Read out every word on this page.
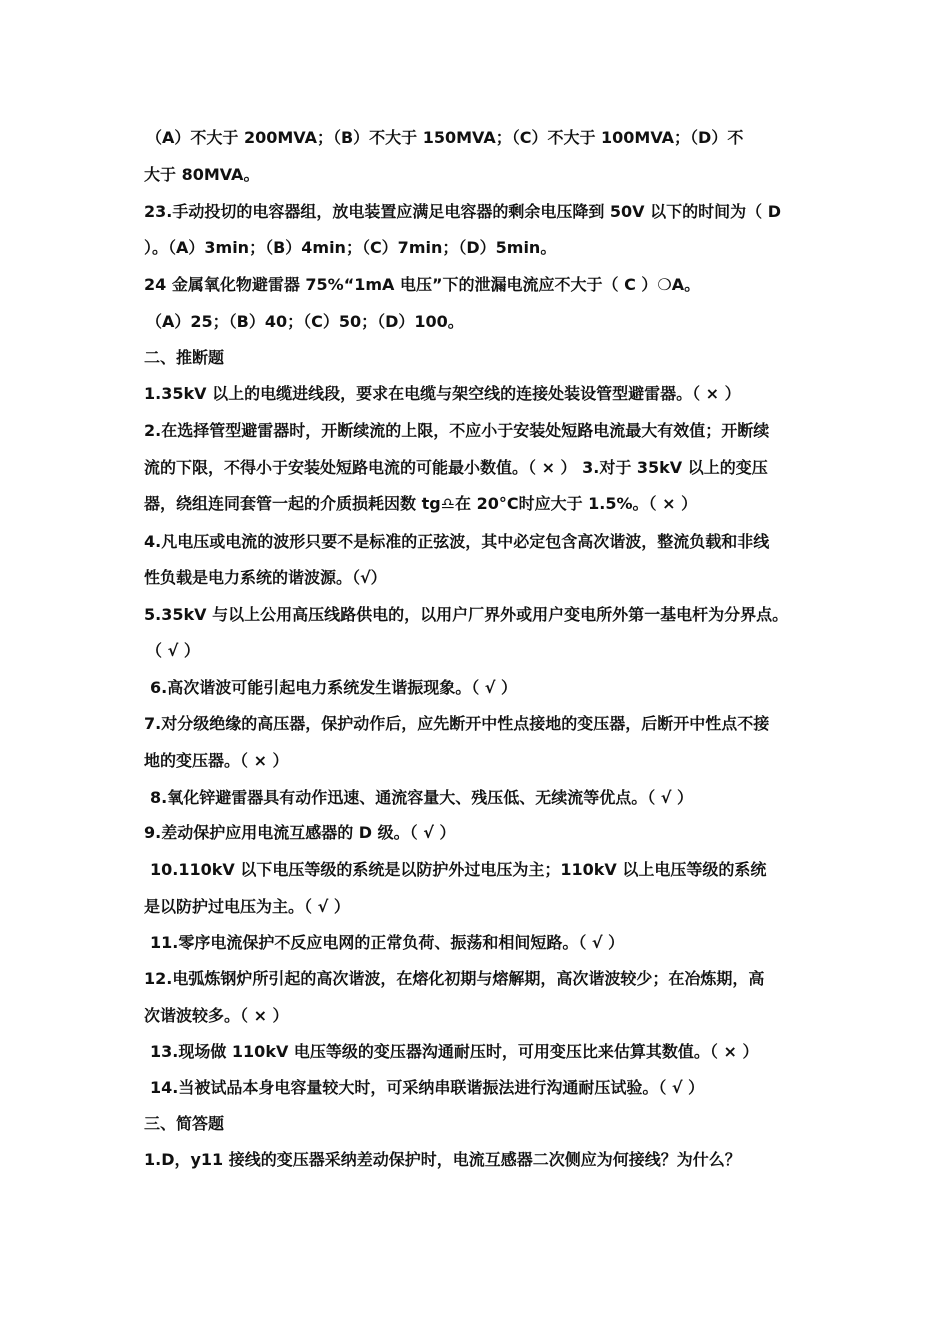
（A）不大于 200MVA；（B）不大于 150MVA；（C）不大于 100MVA；（D）不
大于 80MVA。
23.手动投切的电容器组，放电装置应满足电容器的剩余电压降到 50V 以下的时间为（ D
）。（A）3min；（B）4min；（C）7min；（D）5min。
24 金属氧化物避雷器 75%“1mA 电压”下的泄漏电流应不大于（ C ）❍A。
（A）25；（B）40；（C）50；（D）100。
二、推断题
1.35kV 以上的电缆进线段，要求在电缆与架空线的连接处装设管型避雷器。（ × ）
2.在选择管型避雷器时，开断续流的上限，不应小于安装处短路电流最大有效值；开断续
流的下限，不得小于安装处短路电流的可能最小数值。（ × ） 3.对于 35kV 以上的变压
器，绕组连同套管一起的介质损耗因数 tg♎在 20°C时应大于 1.5%。（ × ）
4.凡电压或电流的波形只要不是标准的正弦波，其中必定包含高次谐波，整流负载和非线
性负载是电力系统的谐波源。（√）
5.35kV 与以上公用高压线路供电的，以用户厂界外或用户变电所外第一基电杆为分界点。
（ √ ）
6.高次谐波可能引起电力系统发生谐振现象。（ √ ）
7.对分级绝缘的高压器，保护动作后，应先断开中性点接地的变压器，后断开中性点不接
地的变压器。（ × ）
8.氧化锌避雷器具有动作迅速、通流容量大、残压低、无续流等优点。（ √ ）
9.差动保护应用电流互感器的 D 级。（ √ ）
10.110kV 以下电压等级的系统是以防护外过电压为主；110kV 以上电压等级的系统
是以防护过电压为主。（ √ ）
11.零序电流保护不反应电网的正常负荷、振荡和相间短路。（ √ ）
12.电弧炼钢炉所引起的高次谐波，在熔化初期与熔解期，高次谐波较少；在冶炼期，高
次谐波较多。（ × ）
13.现场做 110kV 电压等级的变压器沟通耐压时，可用变压比来估算其数值。（ × ）
14.当被试品本身电容量较大时，可采纳串联谐振法进行沟通耐压试验。（ √ ）
三、简答题
1.D，y11 接线的变压器采纳差动保护时，电流互感器二次侧应为何接线？为什么？
